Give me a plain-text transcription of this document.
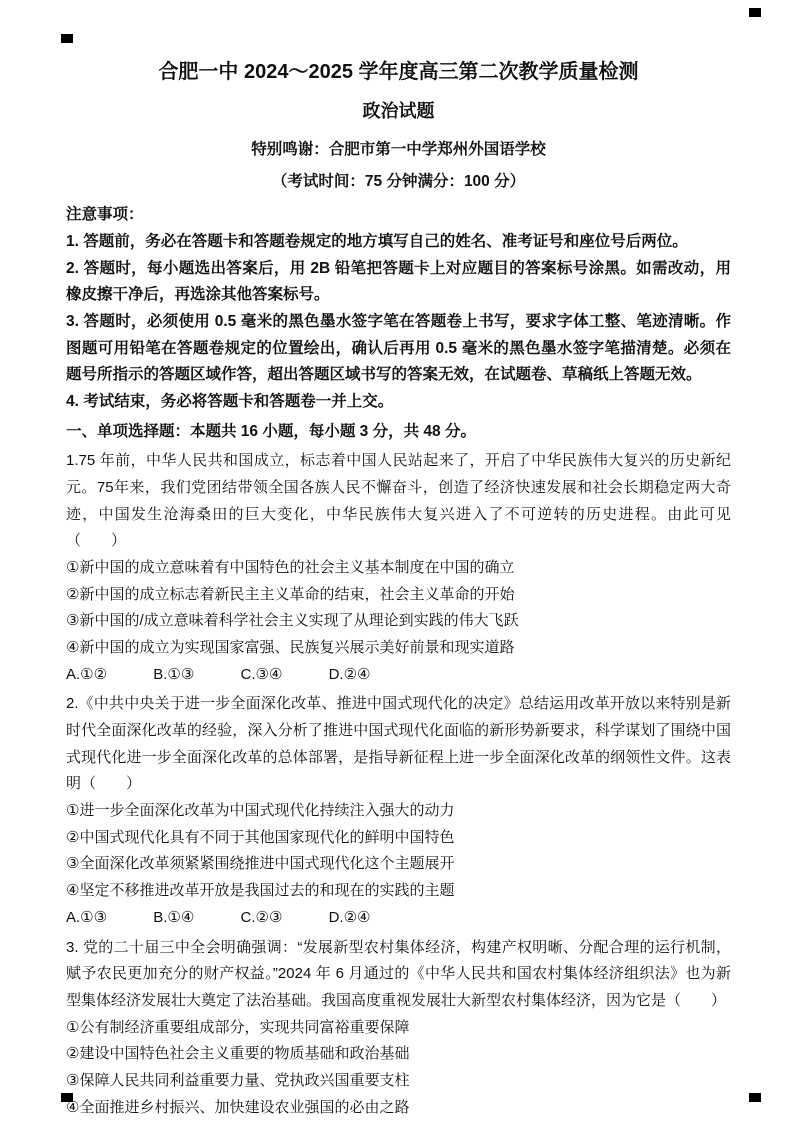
合肥一中 2024～2025 学年度高三第二次教学质量检测
政治试题

特别鸣谢：合肥市第一中学郑州外国语学校

（考试时间：75 分钟满分：100 分）

注意事项：

1. 答题前，务必在答题卡和答题卷规定的地方填写自己的姓名、准考证号和座位号后两位。

2. 答题时，每小题选出答案后，用 2B 铅笔把答题卡上对应题目的答案标号涂黑。如需改动，用橡皮擦干净后，再选涂其他答案标号。

3. 答题时，必须使用 0.5 毫米的黑色墨水签字笔在答题卷上书写，要求字体工整、笔迹清晰。作图题可用铅笔在答题卷规定的位置绘出，确认后再用 0.5 毫米的黑色墨水签字笔描清楚。必须在题号所指示的答题区域作答，超出答题区域书写的答案无效，在试题卷、草稿纸上答题无效。

4. 考试结束，务必将答题卡和答题卷一并上交。

一、单项选择题：本题共 16 小题，每小题 3 分，共 48 分。

1.75 年前，中华人民共和国成立，标志着中国人民站起来了，开启了中华民族伟大复兴的历史新纪元。75年来，我们党团结带领全国各族人民不懈奋斗，创造了经济快速发展和社会长期稳定两大奇迹，中国发生沧海桑田的巨大变化，中华民族伟大复兴进入了不可逆转的历史进程。由此可见（　　）

①新中国的成立意味着有中国特色的社会主义基本制度在中国的确立

②新中国的成立标志着新民主主义革命的结束，社会主义革命的开始

③新中国的/成立意味着科学社会主义实现了从理论到实践的伟大飞跃

④新中国的成立为实现国家富强、民族复兴展示美好前景和现实道路

A.①②	B.①③	C.③④	D.②④

2.《中共中央关于进一步全面深化改革、推进中国式现代化的决定》总结运用改革开放以来特别是新时代全面深化改革的经验，深入分析了推进中国式现代化面临的新形势新要求，科学谋划了围绕中国式现代化进一步全面深化改革的总体部署，是指导新征程上进一步全面深化改革的纲领性文件。这表明（　　）

①进一步全面深化改革为中国式现代化持续注入强大的动力

②中国式现代化具有不同于其他国家现代化的鲜明中国特色

③全面深化改革须紧紧围绕推进中国式现代化这个主题展开

④坚定不移推进改革开放是我国过去的和现在的实践的主题

A.①③	B.①④	C.②③	D.②④

3. 党的二十届三中全会明确强调：“发展新型农村集体经济，构建产权明晰、分配合理的运行机制，赋予农民更加充分的财产权益。”2024 年 6 月通过的《中华人民共和国农村集体经济组织法》也为新型集体经济发展壮大奠定了法治基础。我国高度重视发展壮大新型农村集体经济，因为它是（　　）

①公有制经济重要组成部分，实现共同富裕重要保障

②建设中国特色社会主义重要的物质基础和政治基础

③保障人民共同利益重要力量、党执政兴国重要支柱

④全面推进乡村振兴、加快建设农业强国的必由之路
